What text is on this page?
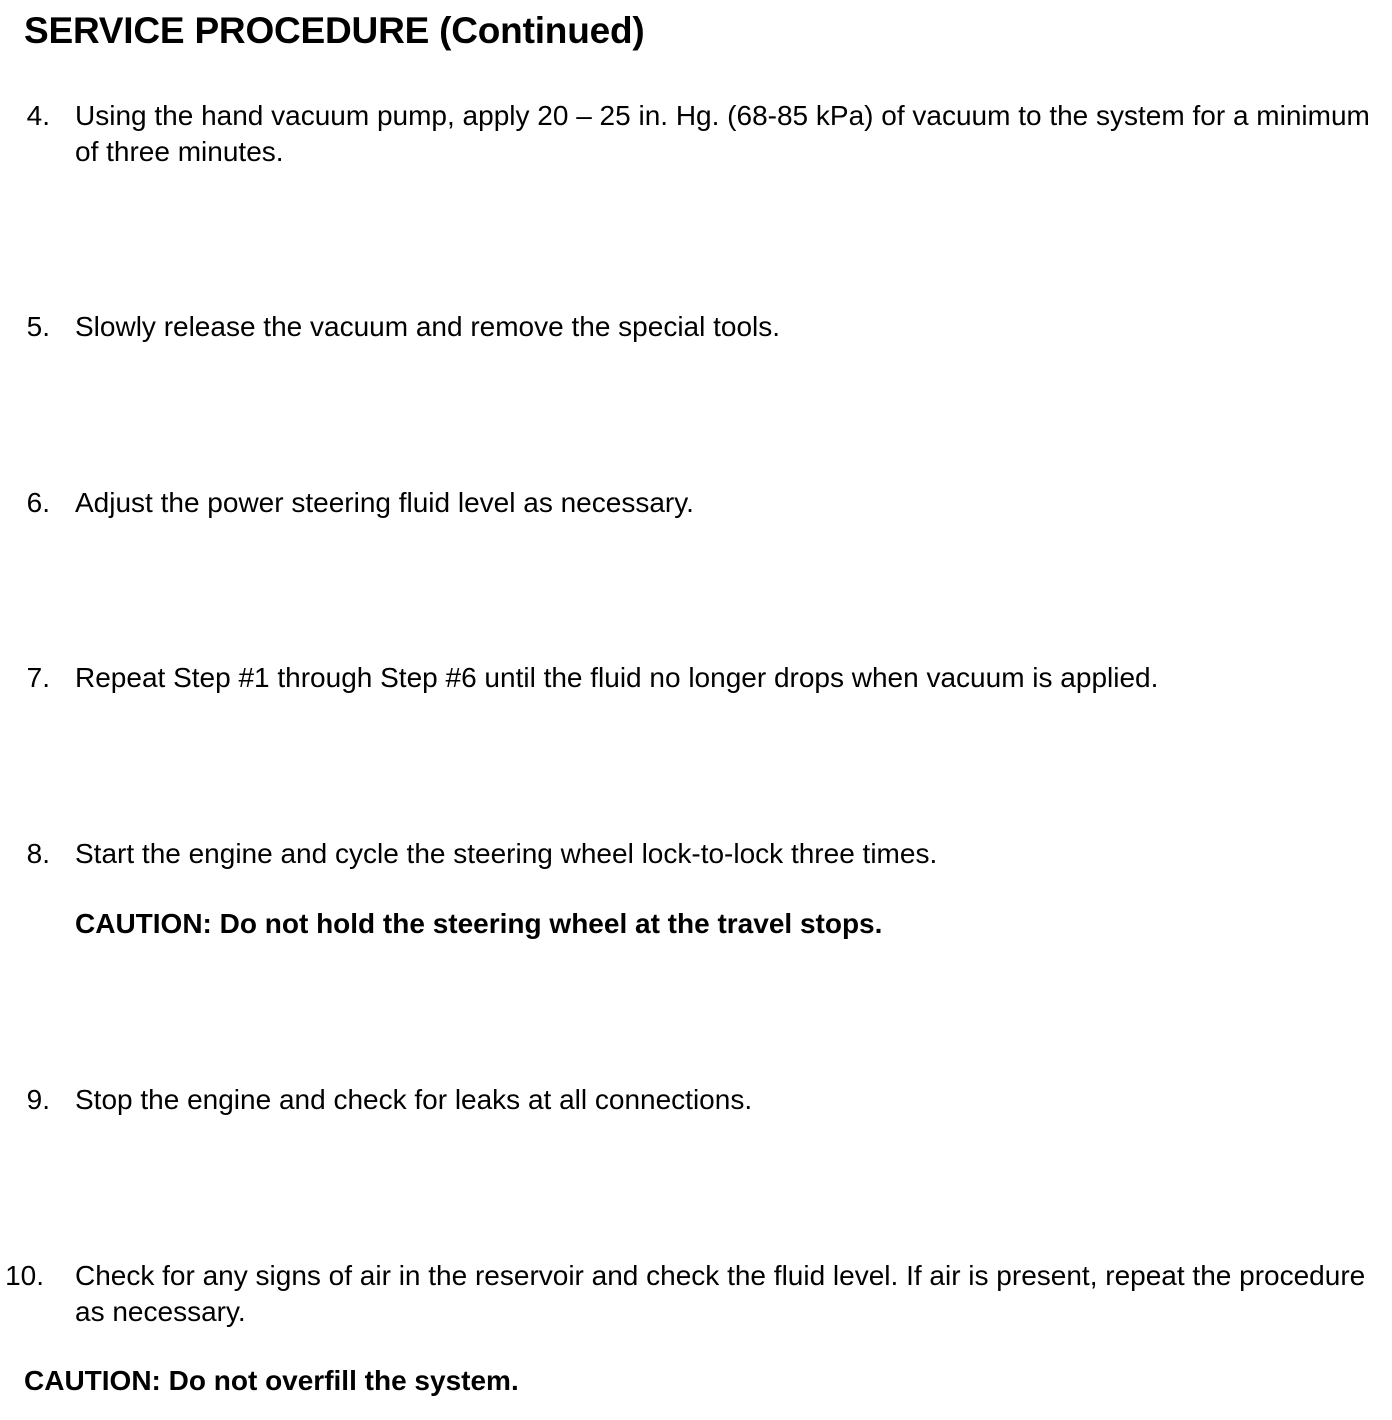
SERVICE PROCEDURE (Continued)
4. Using the hand vacuum pump, apply 20 – 25 in. Hg. (68-85 kPa) of vacuum to the system for a minimum of three minutes.
5. Slowly release the vacuum and remove the special tools.
6. Adjust the power steering fluid level as necessary.
7. Repeat Step #1 through Step #6 until the fluid no longer drops when vacuum is applied.
8. Start the engine and cycle the steering wheel lock-to-lock three times.
CAUTION: Do not hold the steering wheel at the travel stops.
9. Stop the engine and check for leaks at all connections.
10. Check for any signs of air in the reservoir and check the fluid level. If air is present, repeat the procedure as necessary.
CAUTION: Do not overfill the system.
